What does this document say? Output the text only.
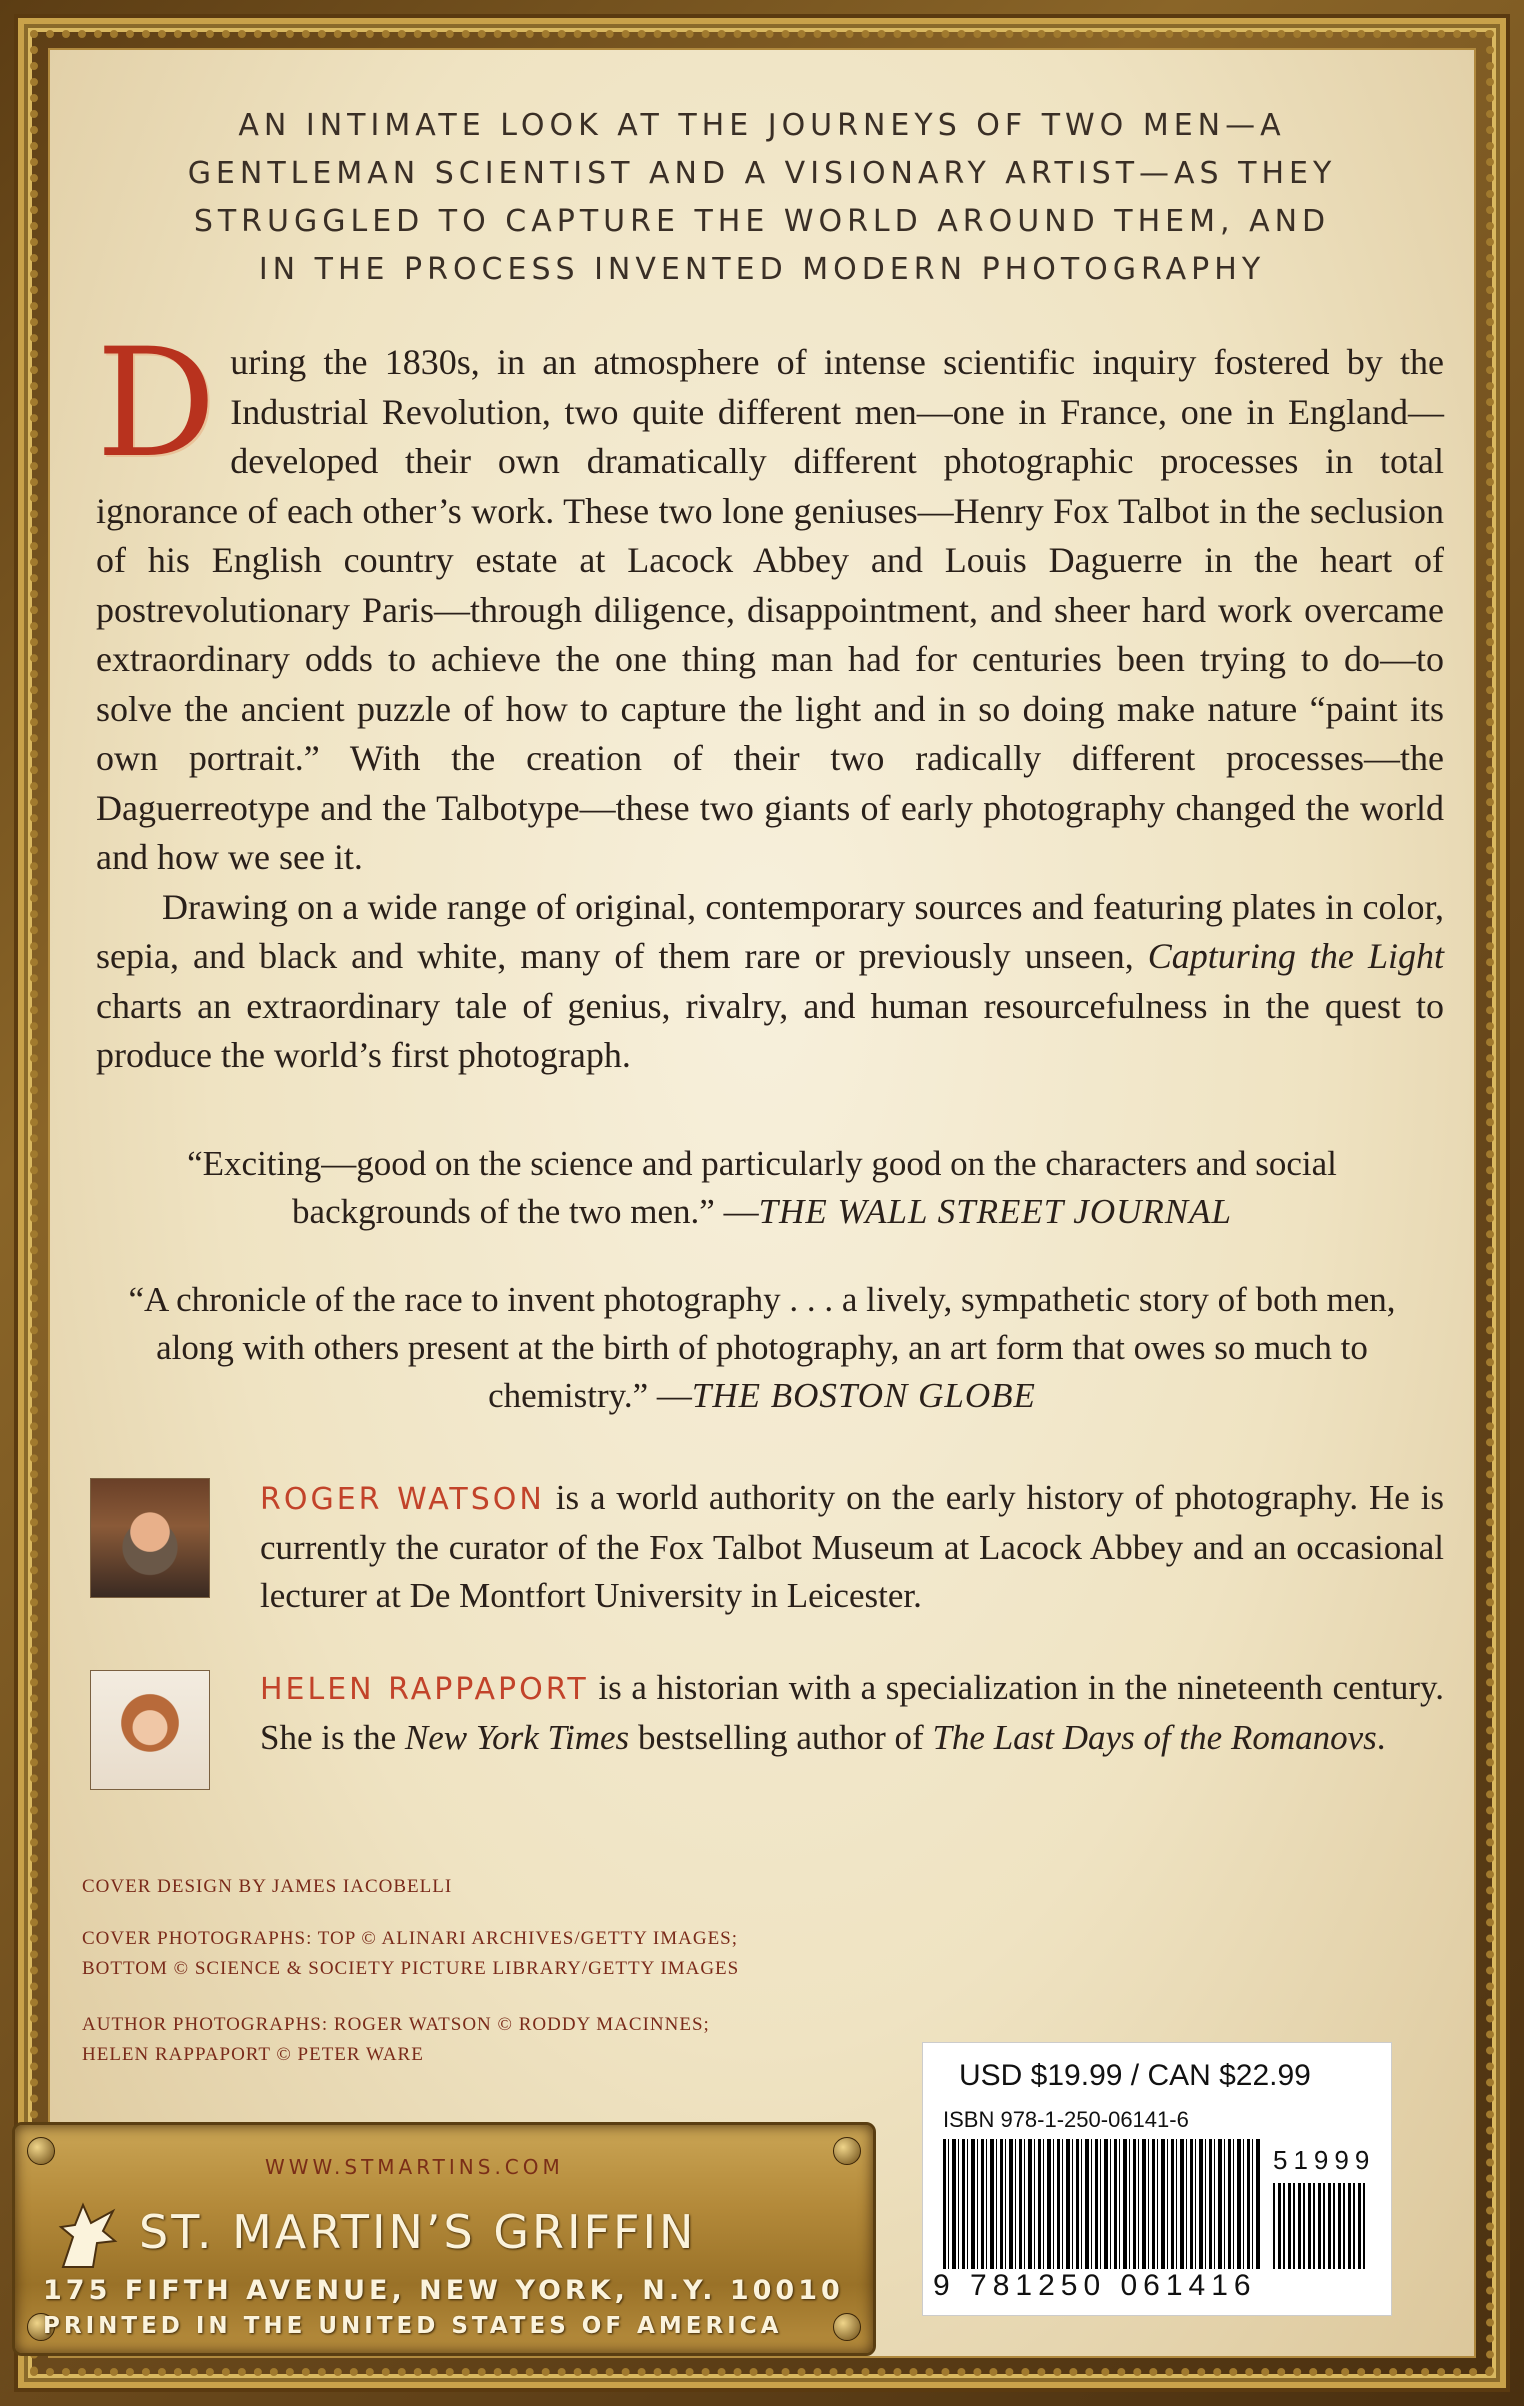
AN INTIMATE LOOK AT THE JOURNEYS OF TWO MEN—A
GENTLEMAN SCIENTIST AND A VISIONARY ARTIST—AS THEY
STRUGGLED TO CAPTURE THE WORLD AROUND THEM, AND
IN THE PROCESS INVENTED MODERN PHOTOGRAPHY

During the 1830s, in an atmosphere of intense scientific inquiry fostered by the Industrial Revolution, two quite different men—one in France, one in England—developed their own dramatically different photographic processes in total ignorance of each other’s work. These two lone geniuses—Henry Fox Talbot in the seclusion of his English country estate at Lacock Abbey and Louis Daguerre in the heart of postrevolutionary Paris—through diligence, disappointment, and sheer hard work overcame extraordinary odds to achieve the one thing man had for centuries been trying to do—to solve the ancient puzzle of how to capture the light and in so doing make nature “paint its own portrait.” With the creation of their two radically different processes—the Daguerreotype and the Talbotype—these two giants of early photography changed the world and how we see it.

Drawing on a wide range of original, contemporary sources and featuring plates in color, sepia, and black and white, many of them rare or previously unseen, Capturing the Light charts an extraordinary tale of genius, rivalry, and human resourcefulness in the quest to produce the world’s first photograph.

“Exciting—good on the science and particularly good on the characters and social backgrounds of the two men.” —THE WALL STREET JOURNAL
“A chronicle of the race to invent photography . . . a lively, sympathetic story of both men, along with others present at the birth of photography, an art form that owes so much to chemistry.” —THE BOSTON GLOBE
ROGER WATSON is a world authority on the early history of photography. He is currently the curator of the Fox Talbot Museum at Lacock Abbey and an occasional lecturer at De Montfort University in Leicester.
HELEN RAPPAPORT is a historian with a specialization in the nineteenth century. She is the New York Times bestselling author of The Last Days of the Romanovs.
COVER DESIGN BY JAMES IACOBELLI
COVER PHOTOGRAPHS: TOP © ALINARI ARCHIVES/GETTY IMAGES;
BOTTOM © SCIENCE & SOCIETY PICTURE LIBRARY/GETTY IMAGES
AUTHOR PHOTOGRAPHS: ROGER WATSON © RODDY MACINNES;
HELEN RAPPAPORT © PETER WARE
USD $19.99 / CAN $22.99
ISBN 978-1-250-06141-6
51999
9 781250 061416
WWW.STMARTINS.COM
ST. MARTIN’S GRIFFIN
175 FIFTH AVENUE, NEW YORK, N.Y. 10010
PRINTED IN THE UNITED STATES OF AMERICA
